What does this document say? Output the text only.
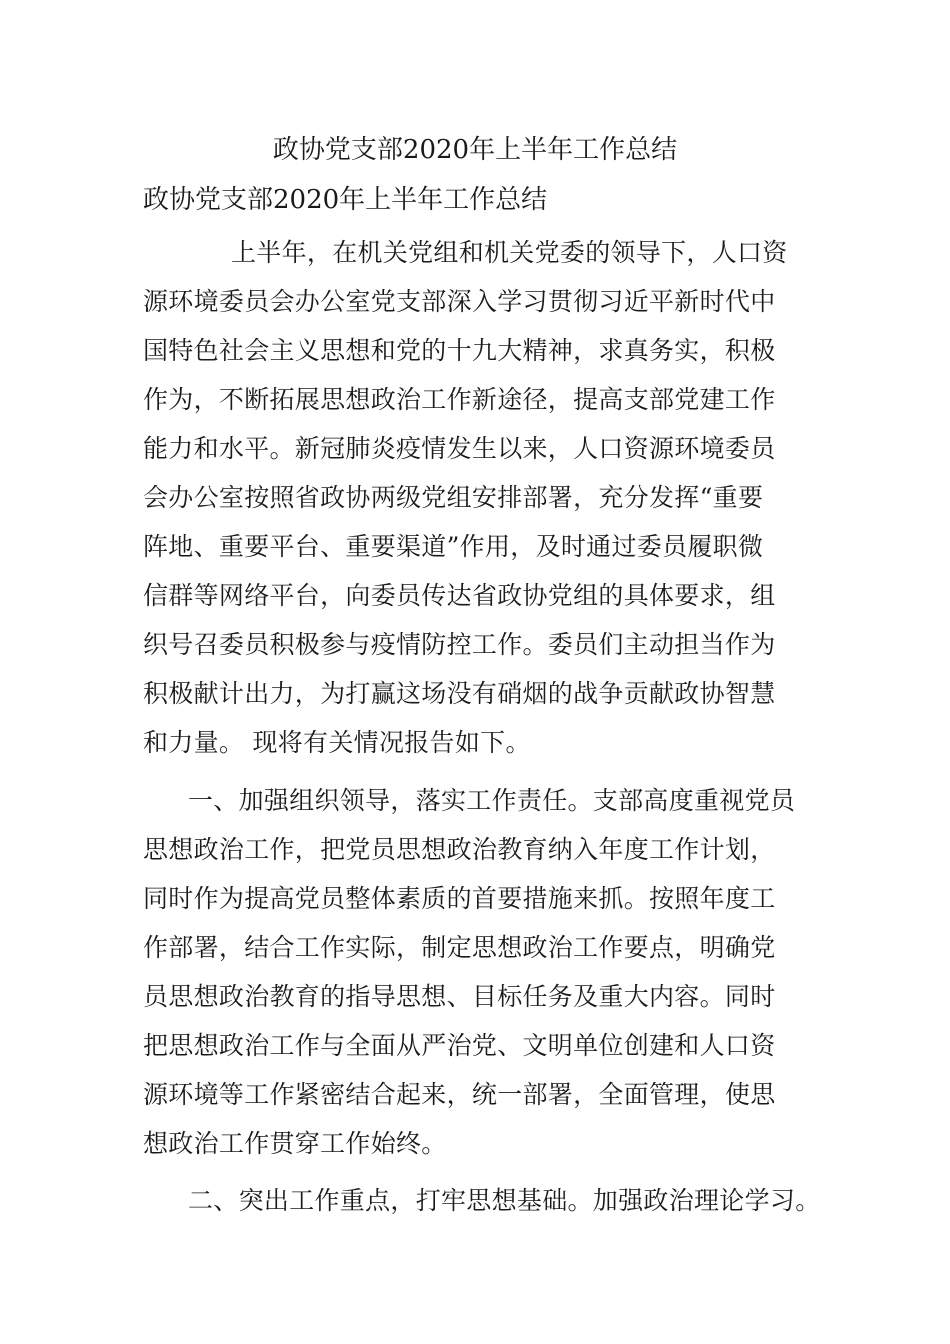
政协党支部2020年上半年工作总结
政协党支部2020年上半年工作总结

上半年，在机关党组和机关党委的领导下，人口资
源环境委员会办公室党支部深入学习贯彻习近平新时代中
国特色社会主义思想和党的十九大精神，求真务实，积极
作为，不断拓展思想政治工作新途径，提高支部党建工作
能力和水平。新冠肺炎疫情发生以来，人口资源环境委员
会办公室按照省政协两级党组安排部署，充分发挥“重要
阵地、重要平台、重要渠道”作用，及时通过委员履职微
信群等网络平台，向委员传达省政协党组的具体要求，组
织号召委员积极参与疫情防控工作。委员们主动担当作为
积极献计出力，为打赢这场没有硝烟的战争贡献政协智慧
和力量。 现将有关情况报告如下。

一、加强组织领导，落实工作责任。支部高度重视党员
思想政治工作，把党员思想政治教育纳入年度工作计划，
同时作为提高党员整体素质的首要措施来抓。按照年度工
作部署，结合工作实际，制定思想政治工作要点，明确党
员思想政治教育的指导思想、目标任务及重大内容。同时
把思想政治工作与全面从严治党、文明单位创建和人口资
源环境等工作紧密结合起来，统一部署，全面管理，使思
想政治工作贯穿工作始终。

二、突出工作重点，打牢思想基础。加强政治理论学习。
